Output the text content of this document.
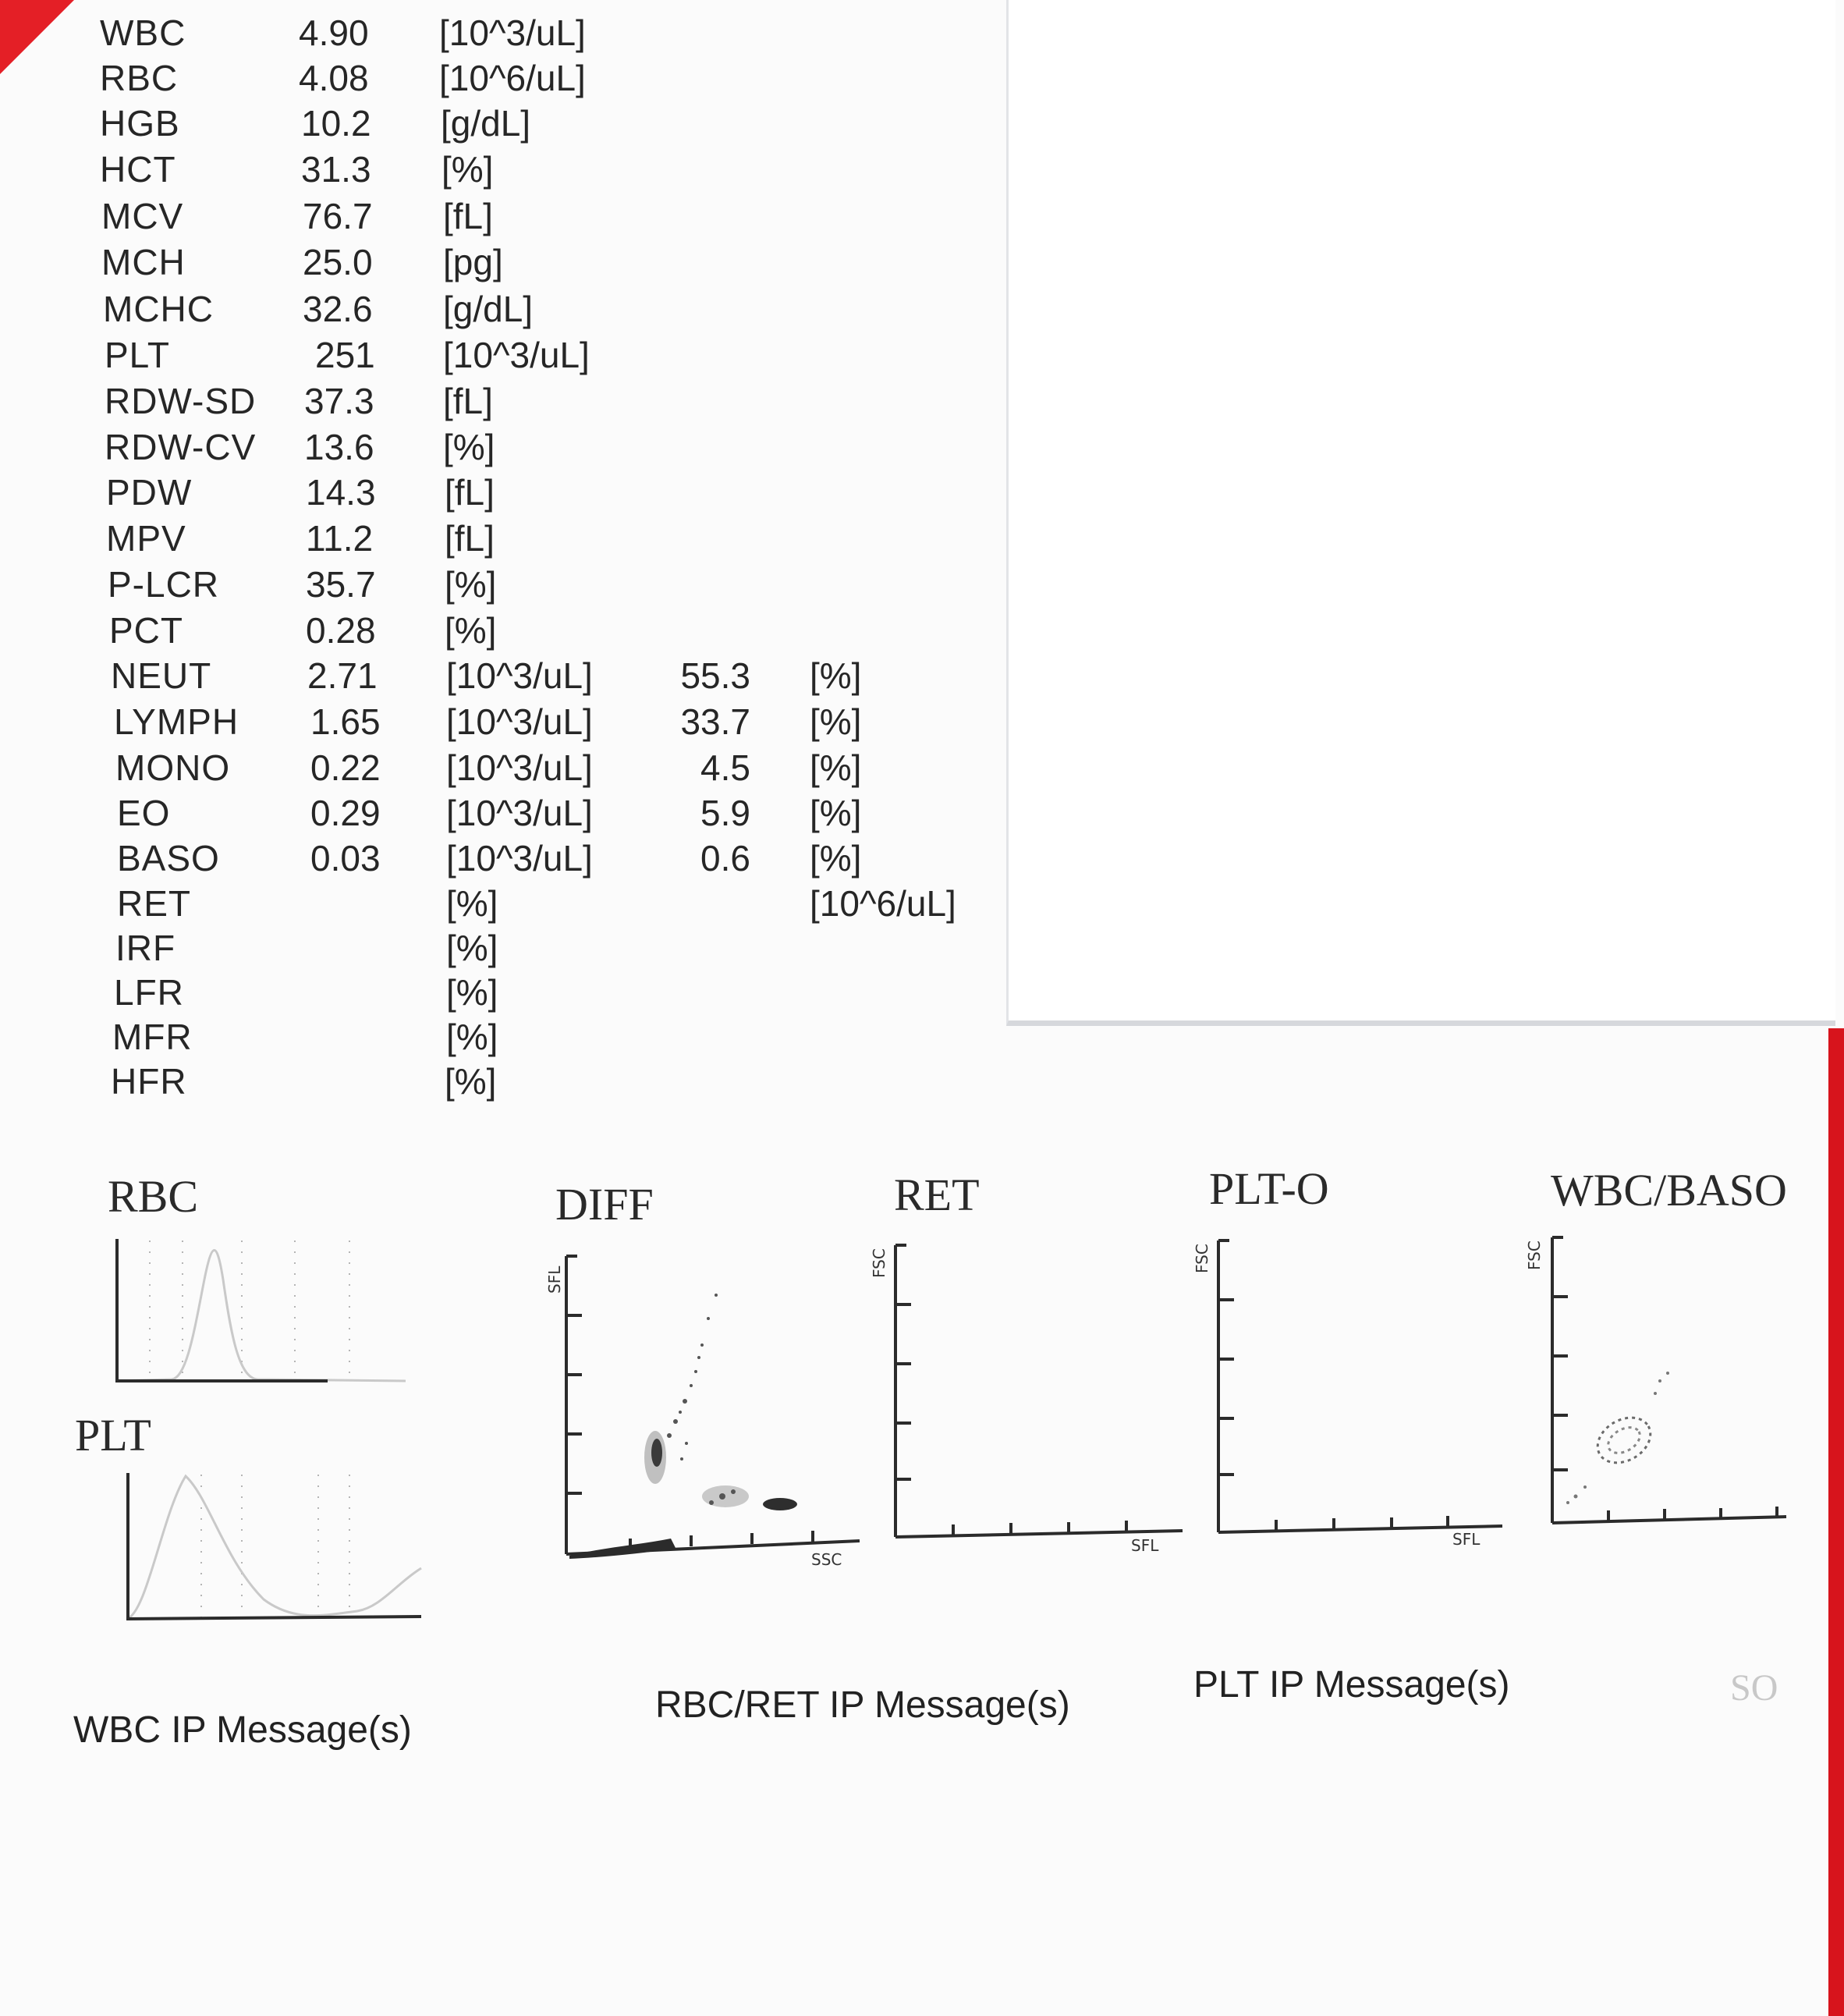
WBC	4.90 [10^3/uL]
RBC	4.08 [10^6/uL]
HGB	10.2 [g/dL]
HCT	31.3 [%]
MCV	76.7 [fL]
MCH	25.0 [pg]
MCHC 32.6 [g/dL]
PLT	251 [10^3/uL]
RDW-SD 37.3 [fL]
RDW-CV 13.6 [%]
PDW	14.3 [fL]
MPV	11.2 [fL]
P-LCR 35.7 [%]
PCT	0.28 [%]
NEUT	2.71 [10^3/uL]	55.3 [%]
LYMPH 1.65 [10^3/uL]	33.7 [%]
MONO 0.22 [10^3/uL]	4.5 [%]
EO	0.29 [10^3/uL]	5.9 [%]
BASO	0.03 [10^3/uL]	0.6 [%]
RET	[%]	[10^6/uL]
IRF	[%]
LFR	[%]
MFR	[%]
HFR	[%]
RBC
PLT
DIFF	RET	PLT-O	WBC/BASO
SFL
SSC
FSC
SFL
FSC
SFL
FSC
WBC IP Message(s)
RBC/RET IP Message(s)	PLT IP Message(s)	SO
